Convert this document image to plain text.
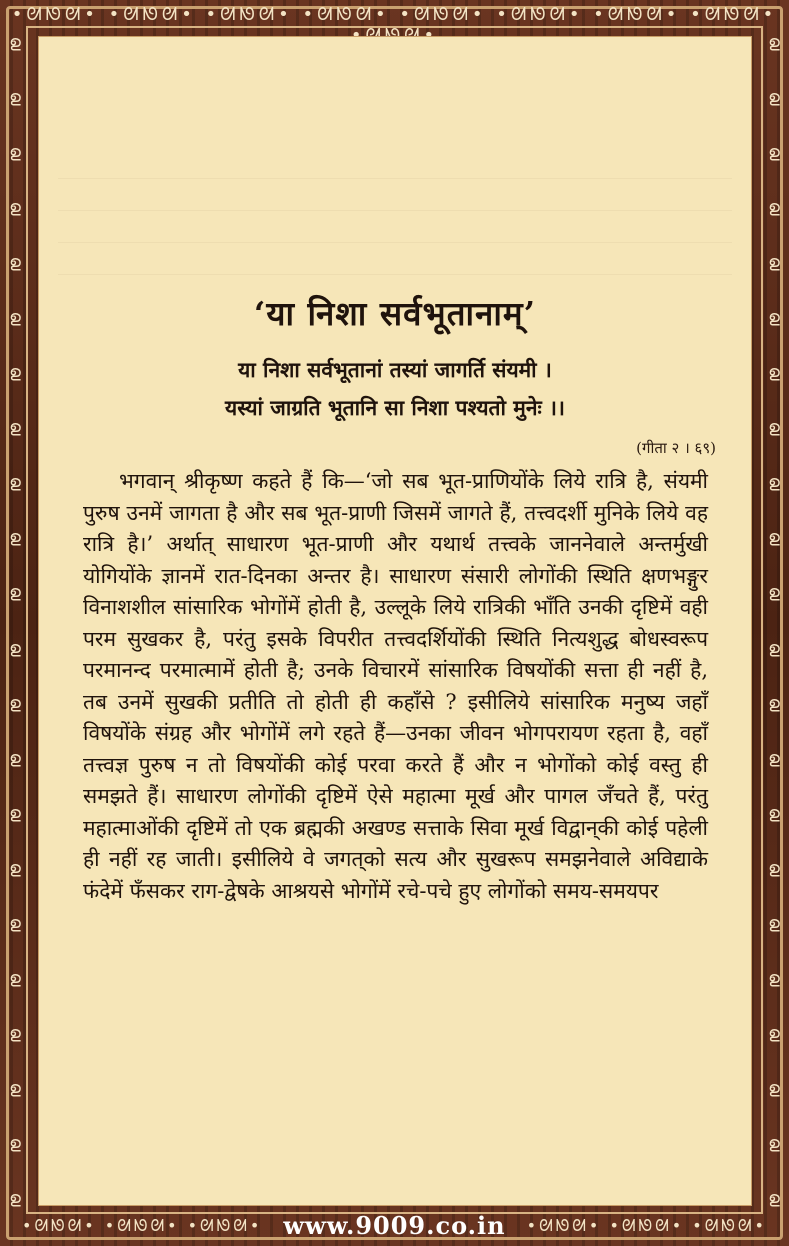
•ᘛᘚᘛ• •ᘛᘚᘛ• •ᘛᘚᘛ• •ᘛᘚᘛ• •ᘛᘚᘛ• •ᘛᘚᘛ• •ᘛᘚᘛ• •ᘛᘚᘛ• •ᘛᘚᘛ•
ഉ
ഉ
ഉ
ഉ
ഉ
ഉ
ഉ
ഉ
ഉ
ഉ
ഉ
ഉ
ഉ
ഉ
ഉ
ഉ
ഉ
ഉ
ഉ
ഉ
ഉ
ഉ
ഉ
ഉ
ഉ
ഉ
ഉ
ഉ
ഉ
ഉ
ഉ
ഉ
ഉ
ഉ
ഉ
ഉ
ഉ
ഉ
ഉ
ഉ
ഉ
ഉ
ഉ
ഉ
‘या निशा सर्वभूतानाम्’
या निशा सर्वभूतानां तस्यां जागर्ति संयमी ।
यस्यां जाग्रति भूतानि सा निशा पश्यतो मुनेः ।।
(गीता २ । ६९)
भगवान् श्रीकृष्ण कहते हैं कि—‘जो सब भूत-प्राणियोंके लिये रात्रि है, संयमी पुरुष उनमें जागता है और सब भूत-प्राणी जिसमें जागते हैं, तत्त्वदर्शी मुनिके लिये वह रात्रि है।’ अर्थात् साधारण भूत-प्राणी और यथार्थ तत्त्वके जाननेवाले अन्तर्मुखी योगियोंके ज्ञानमें रात-दिनका अन्तर है। साधारण संसारी लोगोंकी स्थिति क्षणभङ्गुर विनाशशील सांसारिक भोगोंमें होती है, उल्लूके लिये रात्रिकी भाँति उनकी दृष्टिमें वही परम सुखकर है, परंतु इसके विपरीत तत्त्वदर्शियोंकी स्थिति नित्यशुद्ध बोधस्वरूप परमानन्द परमात्मामें होती है; उनके विचारमें सांसारिक विषयोंकी सत्ता ही नहीं है, तब उनमें सुखकी प्रतीति तो होती ही कहाँसे ? इसीलिये सांसारिक मनुष्य जहाँ विषयोंके संग्रह और भोगोंमें लगे रहते हैं—उनका जीवन भोगपरायण रहता है, वहाँ तत्त्वज्ञ पुरुष न तो विषयोंकी कोई परवा करते हैं और न भोगोंको कोई वस्तु ही समझते हैं। साधारण लोगोंकी दृष्टिमें ऐसे महात्मा मूर्ख और पागल जँचते हैं, परंतु महात्माओंकी दृष्टिमें तो एक ब्रह्मकी अखण्ड सत्ताके सिवा मूर्ख विद्वान्‌की कोई पहेली ही नहीं रह जाती। इसीलिये वे जगत्‌को सत्य और सुखरूप समझनेवाले अविद्याके फंदेमें फँसकर राग-द्वेषके आश्रयसे भोगोंमें रचे-पचे हुए लोगोंको समय-समयपर
•ᘛᘚᘛ• •ᘛᘚᘛ• •ᘛᘚᘛ• www.9009.co.in •ᘛᘚᘛ• •ᘛᘚᘛ• •ᘛᘚᘛ•
